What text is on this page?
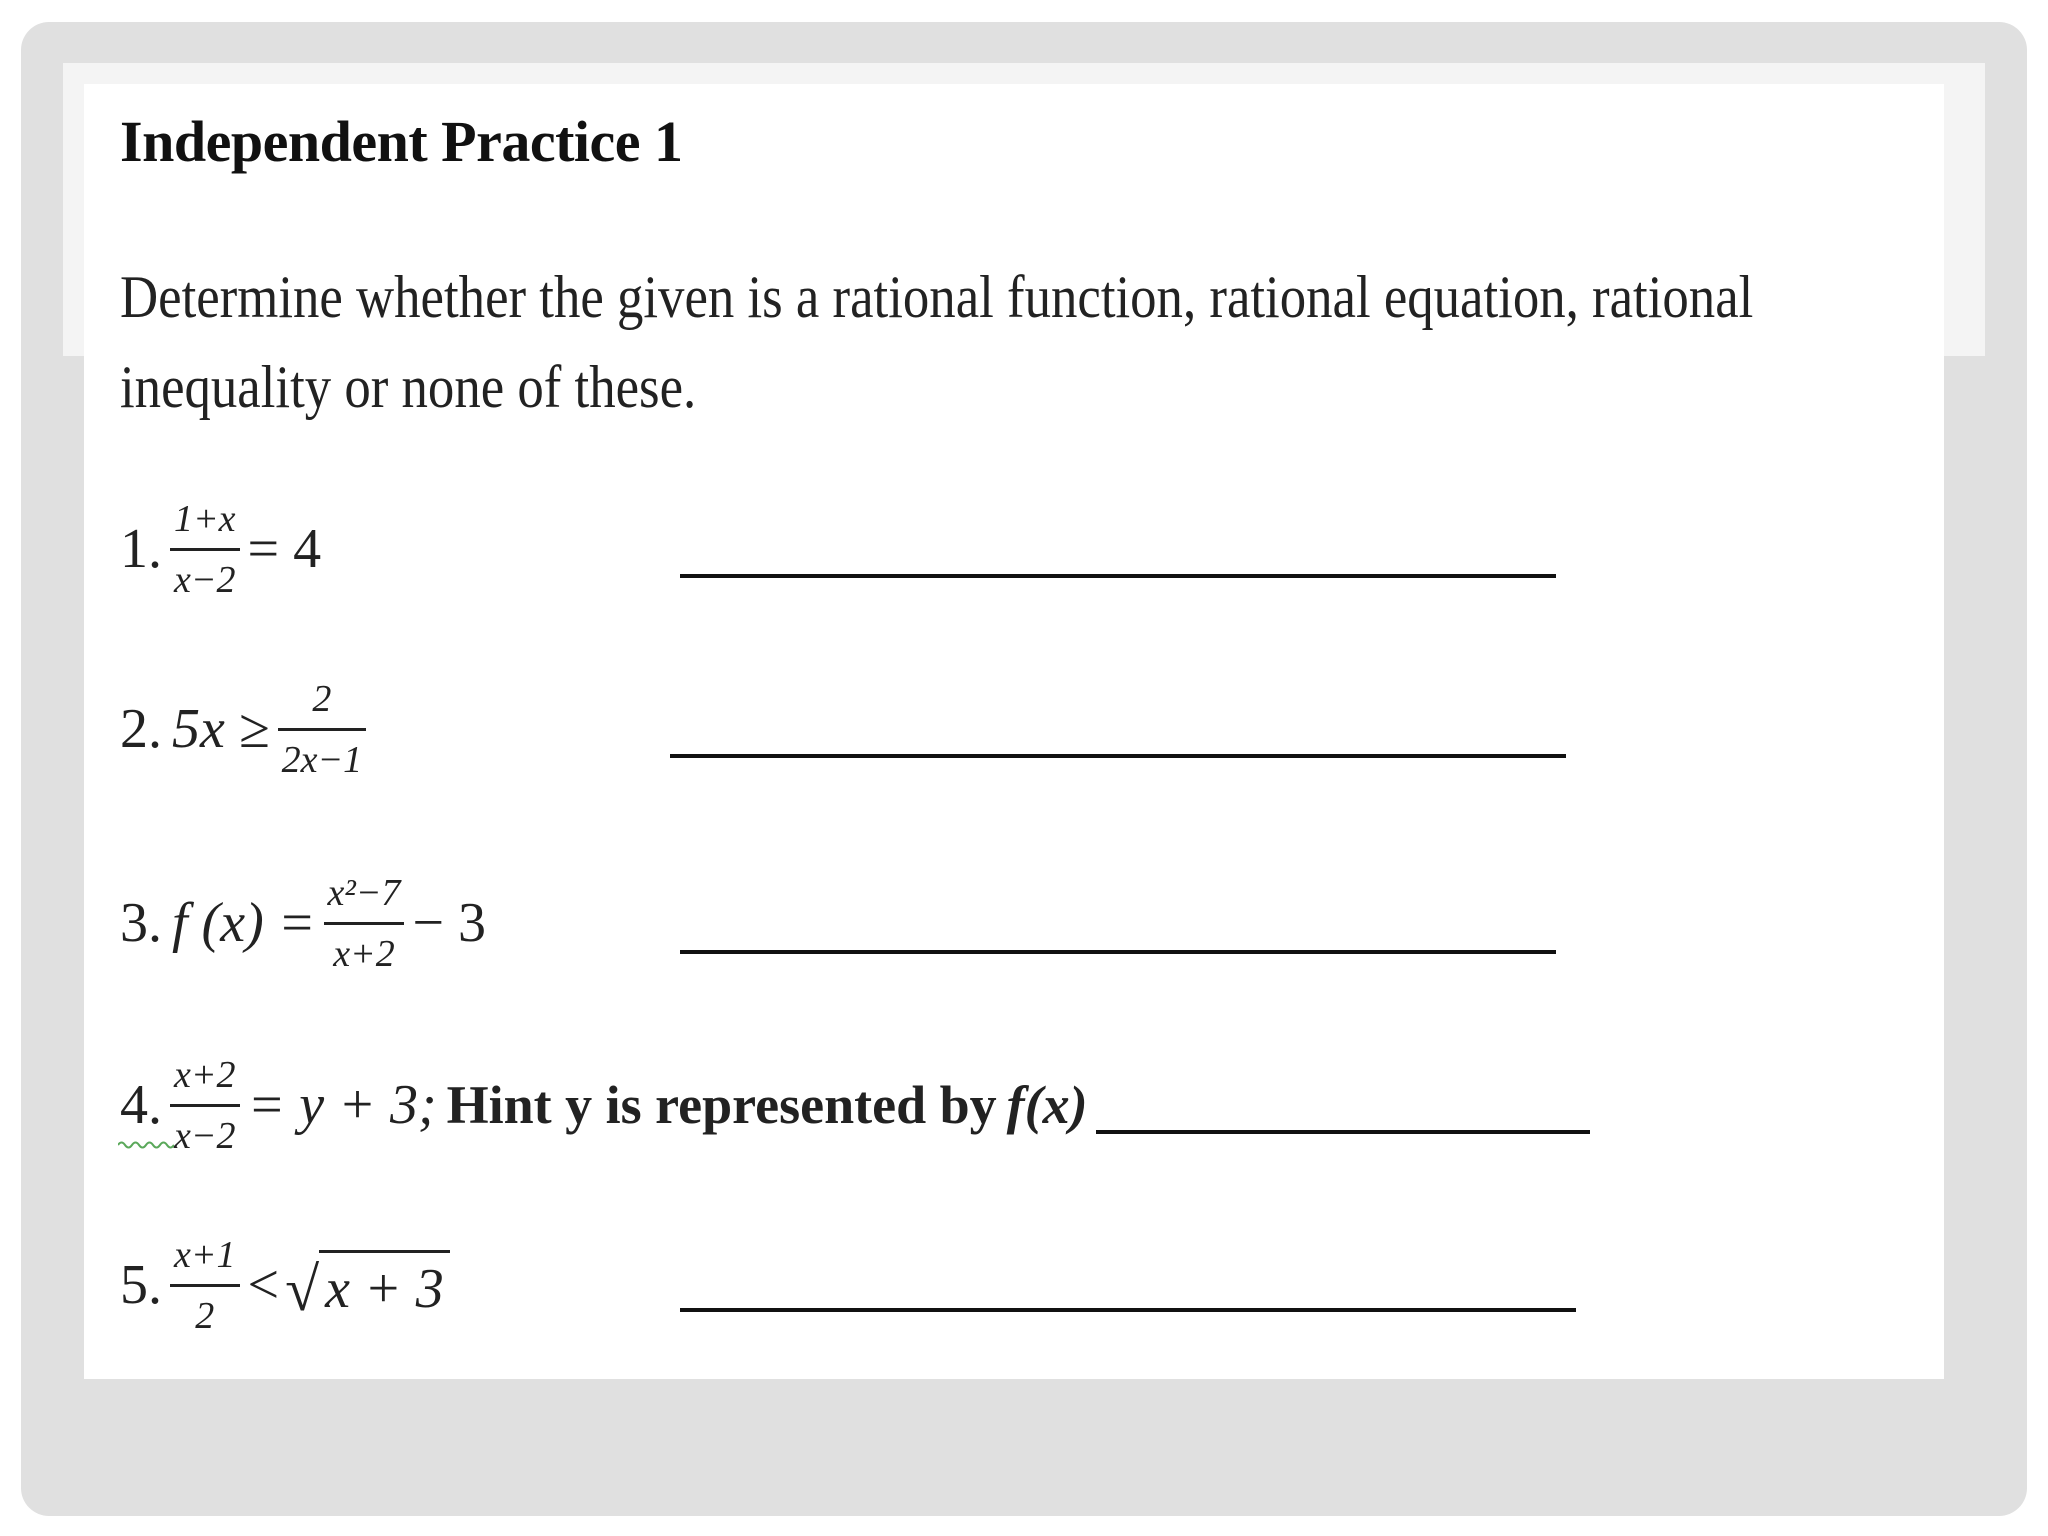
Independent Practice 1
Determine whether the given is a rational function, rational equation, rational
inequality or none of these.
1. $\frac{1+x}{x-2} = 4$
2. $5x \ge \frac{2}{2x-1}$
3. f $(x) = \frac{\text{x²−7}}{x+2} - 3$
4. $\frac{x+2}{x-2} = y + 3$; Hint y is represented by f(x)
5. $\frac{x+1}{2}$ < √ x + 3
